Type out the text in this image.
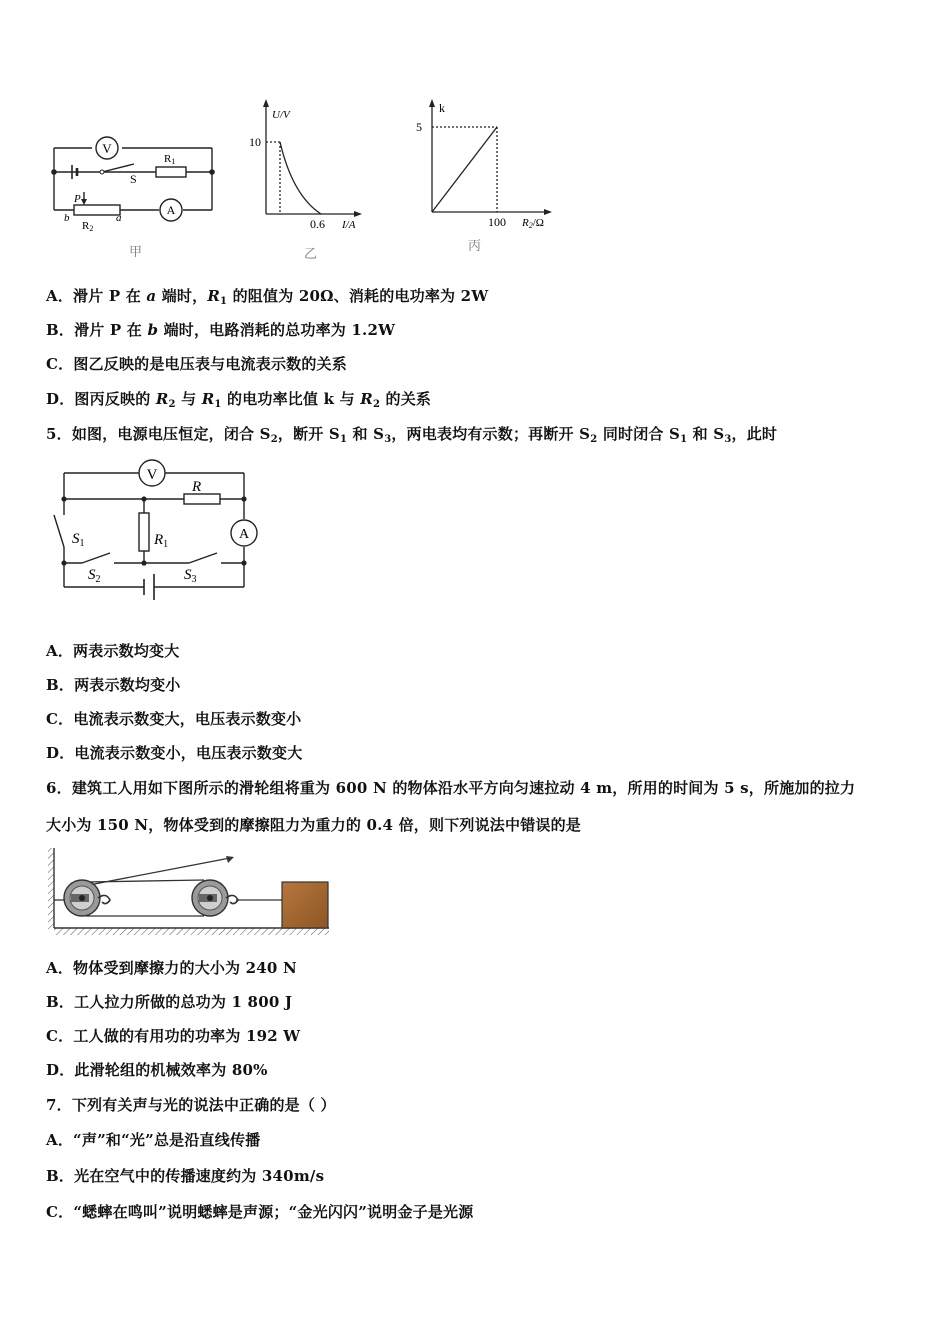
V
A
S
R1
P
R2
b	a
甲
U/V
10
0.6 I/A
乙
k
5
100 R2/Ω
丙
A．滑片 P 在 a 端时，$R_1$ 的阻值为 20Ω、消耗的电功率为 2W
B．滑片 P 在 b 端时，电路消耗的总功率为 1.2W
C．图乙反映的是电压表与电流表示数的关系
D．图丙反映的 $R_2$ 与 $R_1$ 的电功率比值 k 与 $R_2$ 的关系
5．如图，电源电压恒定，闭合 $S_2$，断开 $S_1$ 和 $S_3$，两电表均有示数；再断开 $S_2$ 同时闭合 $S_1$ 和 $S_3$，此时
V
A
R
$R_1$
$S_1$
$S_2$	$S_3$
A．两表示数均变大
B．两表示数均变小
C．电流表示数变大，电压表示数变小
D．电流表示数变小，电压表示数变大
6．建筑工人用如下图所示的滑轮组将重为 600 N 的物体沿水平方向匀速拉动 4 m，所用的时间为 5 s，所施加的拉力
大小为 150 N，物体受到的摩擦阻力为重力的 0.4 倍，则下列说法中错误的是
A．物体受到摩擦力的大小为 240 N
B．工人拉力所做的总功为 1 800 J
C．工人做的有用功的功率为 192 W
D．此滑轮组的机械效率为 80%
7．下列有关声与光的说法中正确的是（ ）
A．“声”和“光”总是沿直线传播
B．光在空气中的传播速度约为 340m/s
C．“蟋蟀在鸣叫”说明蟋蟀是声源；“金光闪闪”说明金子是光源
